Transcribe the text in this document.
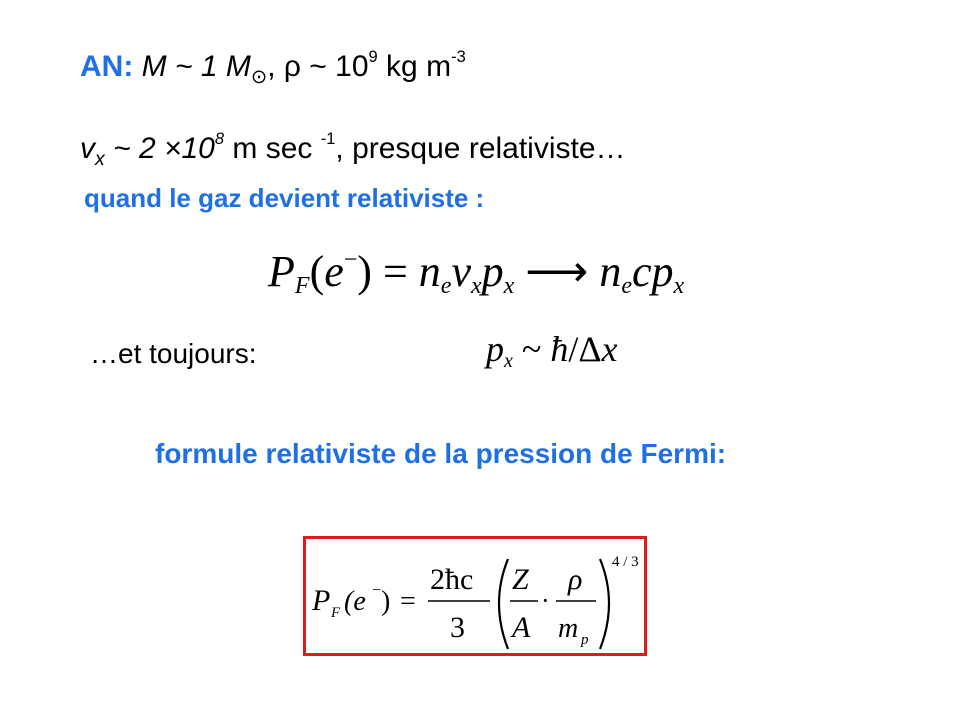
AN: M ~ 1 $M_⊙$, ρ ~ $10^9$ kg $m^{-3}$
$v_x$ ~ $2 \times 10^8$ m sec $^{-1}$, presque relativiste…
quand le gaz devient relativiste :
$P_F(e^-) = n_ev_xp_x$ ⟶ $n_ecp_x$
…et toujours:	$p_x$ ~ ħ/Δx
formule relativiste de la pression de Fermi:
P F (e − ) =
2ħc
3
Z
A
·
ρ
m p
4 / 3
